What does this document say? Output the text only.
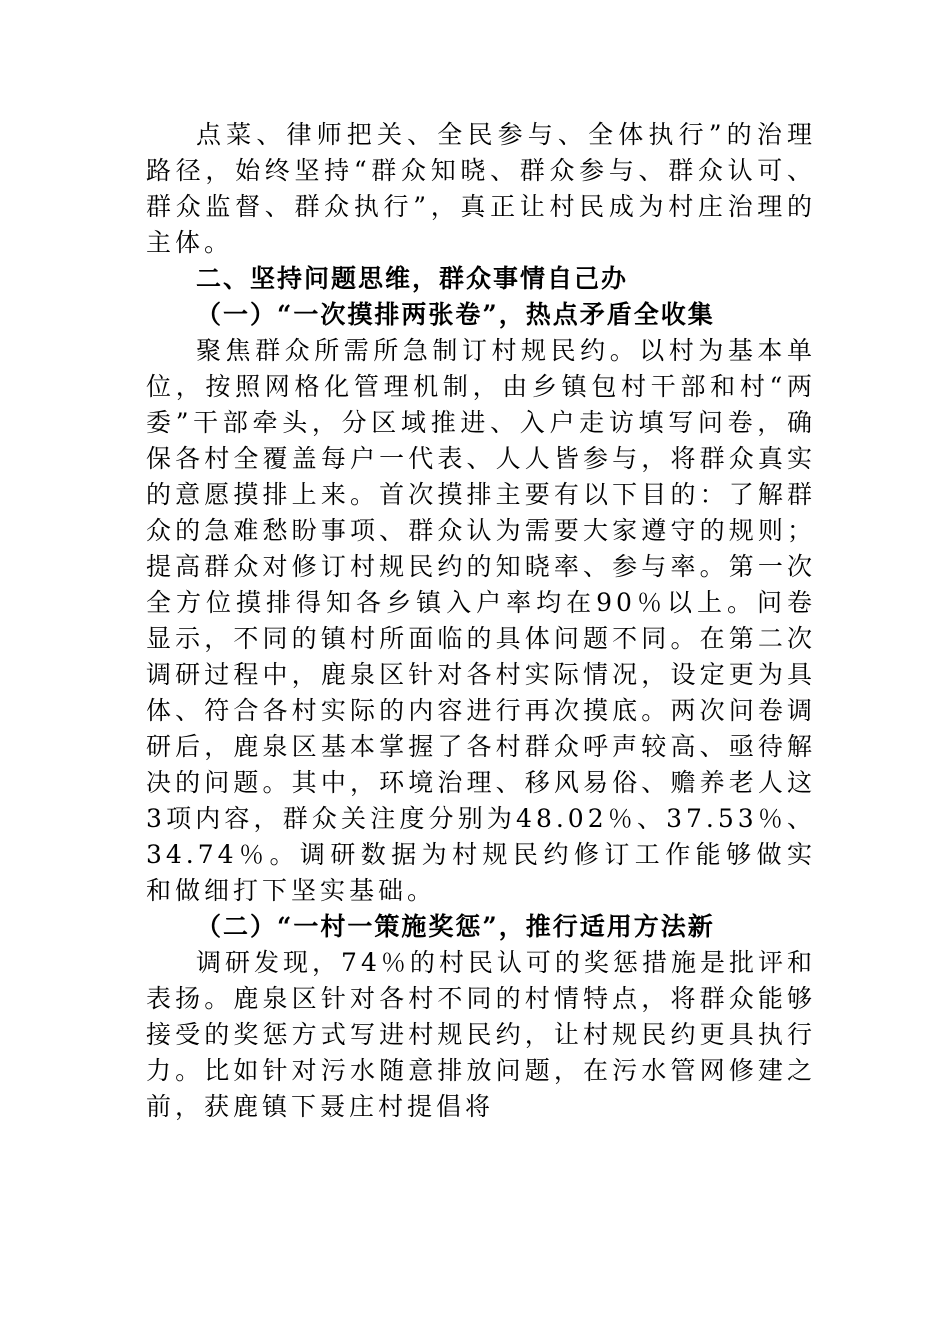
点菜、律师把关、全民参与、全体执行”的治理路径，始终坚持“群众知晓、群众参与、群众认可、群众监督、群众执行”，真正让村民成为村庄治理的主体。

二、坚持问题思维，群众事情自己办

（一）“一次摸排两张卷”，热点矛盾全收集

聚焦群众所需所急制订村规民约。以村为基本单位，按照网格化管理机制，由乡镇包村干部和村“两委”干部牵头，分区域推进、入户走访填写问卷，确保各村全覆盖每户一代表、人人皆参与，将群众真实的意愿摸排上来。首次摸排主要有以下目的：了解群众的急难愁盼事项、群众认为需要大家遵守的规则；提高群众对修订村规民约的知晓率、参与率。第一次全方位摸排得知各乡镇入户率均在90％以上。问卷显示，不同的镇村所面临的具体问题不同。在第二次调研过程中，鹿泉区针对各村实际情况，设定更为具体、符合各村实际的内容进行再次摸底。两次问卷调研后，鹿泉区基本掌握了各村群众呼声较高、亟待解决的问题。其中，环境治理、移风易俗、赡养老人这3项内容，群众关注度分别为48.02％、37.53％、34.74％。调研数据为村规民约修订工作能够做实和做细打下坚实基础。

（二）“一村一策施奖惩”，推行适用方法新

调研发现，74％的村民认可的奖惩措施是批评和表扬。鹿泉区针对各村不同的村情特点，将群众能够接受的奖惩方式写进村规民约，让村规民约更具执行力。比如针对污水随意排放问题，在污水管网修建之前，获鹿镇下聂庄村提倡将
